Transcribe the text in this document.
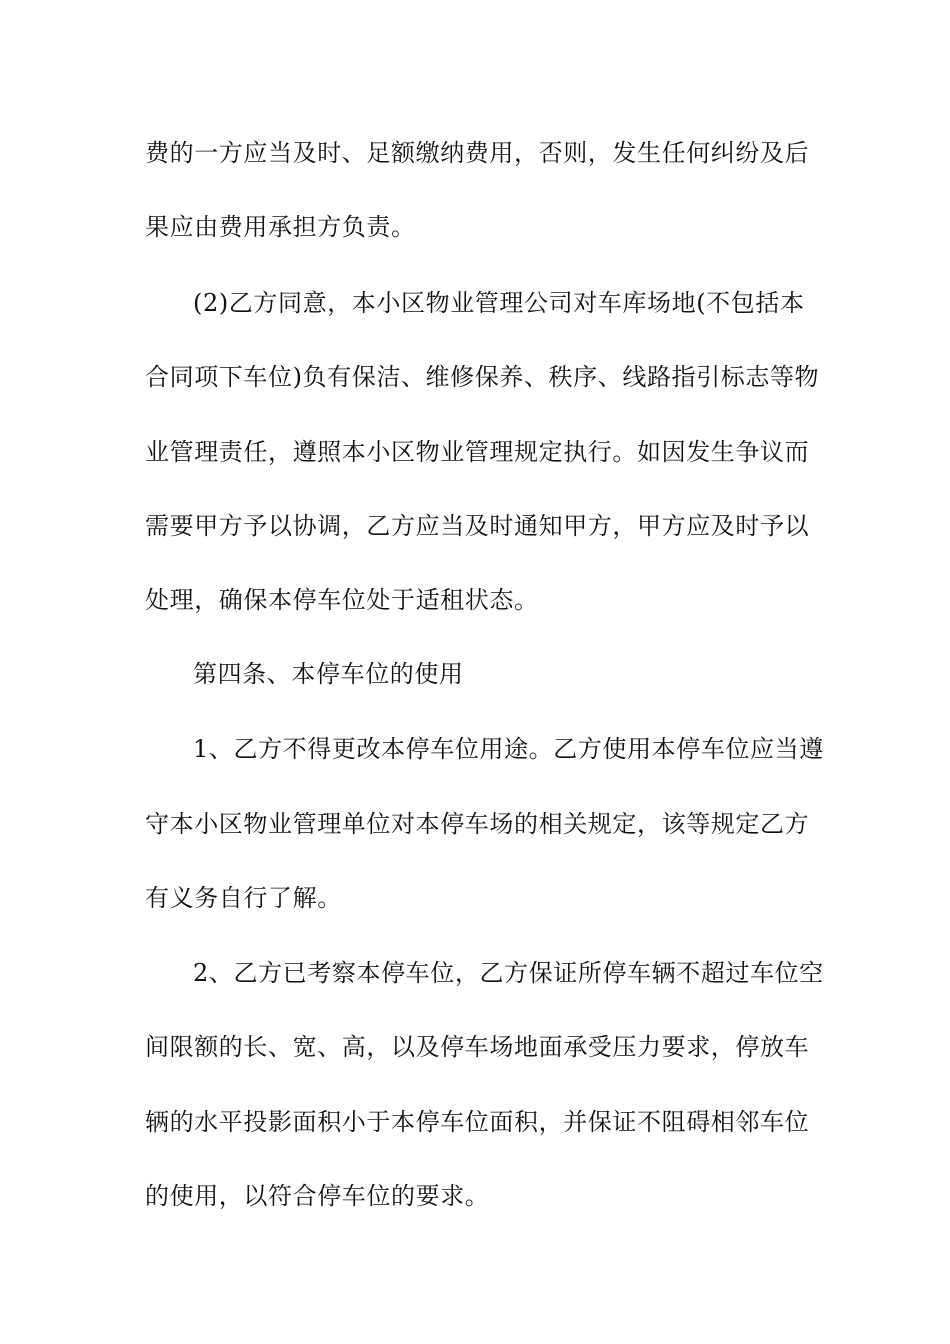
费的一方应当及时、足额缴纳费用，否则，发生任何纠纷及后
果应由费用承担方负责。
(2)乙方同意，本小区物业管理公司对车库场地(不包括本
合同项下车位)负有保洁、维修保养、秩序、线路指引标志等物
业管理责任，遵照本小区物业管理规定执行。如因发生争议而
需要甲方予以协调，乙方应当及时通知甲方，甲方应及时予以
处理，确保本停车位处于适租状态。
第四条、本停车位的使用
1、乙方不得更改本停车位用途。乙方使用本停车位应当遵
守本小区物业管理单位对本停车场的相关规定，该等规定乙方
有义务自行了解。
2、乙方已考察本停车位，乙方保证所停车辆不超过车位空
间限额的长、宽、高，以及停车场地面承受压力要求，停放车
辆的水平投影面积小于本停车位面积，并保证不阻碍相邻车位
的使用，以符合停车位的要求。
